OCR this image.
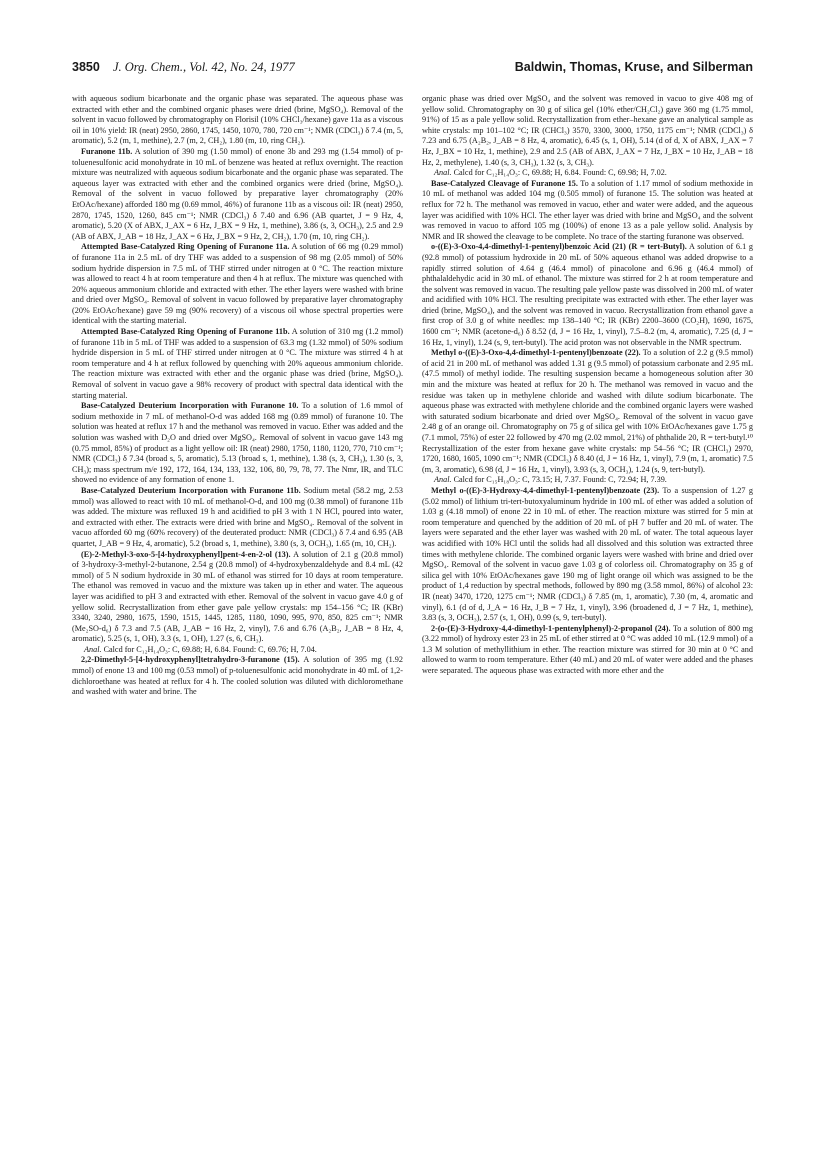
3850 J. Org. Chem., Vol. 42, No. 24, 1977	Baldwin, Thomas, Kruse, and Silberman

with aqueous sodium bicarbonate and the organic phase was separated. The aqueous phase was extracted with ether and the combined organic phases were dried (brine, MgSO₄). Removal of the solvent in vacuo followed by chromatography on Florisil (10% CHCl₃/hexane) gave 11a as a viscous oil in 10% yield: IR (neat) 2950, 2860, 1745, 1450, 1070, 780, 720 cm⁻¹; NMR (CDCl₃) δ 7.4 (m, 5, aromatic), 5.2 (m, 1, methine), 2.7 (m, 2, CH₂), 1.80 (m, 10, ring CH₂).

Furanone 11b. A solution of 390 mg (1.50 mmol) of enone 3b and 293 mg (1.54 mmol) of p-toluenesulfonic acid monohydrate in 10 mL of benzene was heated at reflux overnight. The reaction mixture was neutralized with aqueous sodium bicarbonate and the organic phase was separated. The aqueous layer was extracted with ether and the combined organics were dried (brine, MgSO₄). Removal of the solvent in vacuo followed by preparative layer chromatography (20% EtOAc/hexane) afforded 180 mg (0.69 mmol, 46%) of furanone 11b as a viscous oil: IR (neat) 2950, 2870, 1745, 1520, 1260, 845 cm⁻¹; NMR (CDCl₃) δ 7.40 and 6.96 (AB quartet, J = 9 Hz, 4, aromatic), 5.20 (X of ABX, J_AX = 6 Hz, J_BX = 9 Hz, 1, methine), 3.86 (s, 3, OCH₃), 2.5 and 2.9 (AB of ABX, J_AB = 18 Hz, J_AX = 6 Hz, J_BX = 9 Hz, 2, CH₂), 1.70 (m, 10, ring CH₂).

Attempted Base-Catalyzed Ring Opening of Furanone 11a. A solution of 66 mg (0.29 mmol) of furanone 11a in 2.5 mL of dry THF was added to a suspension of 98 mg (2.05 mmol) of 50% sodium hydride dispersion in 7.5 mL of THF stirred under nitrogen at 0 °C. The reaction mixture was allowed to react 4 h at room temperature and then 4 h at reflux. The mixture was quenched with 20% aqueous ammonium chloride and extracted with ether. The ether layers were washed with brine and dried over MgSO₄. Removal of solvent in vacuo followed by preparative layer chromatography (20% EtOAc/hexane) gave 59 mg (90% recovery) of a viscous oil whose spectral properties were identical with the starting material.

Attempted Base-Catalyzed Ring Opening of Furanone 11b. A solution of 310 mg (1.2 mmol) of furanone 11b in 5 mL of THF was added to a suspension of 63.3 mg (1.32 mmol) of 50% sodium hydride dispersion in 5 mL of THF stirred under nitrogen at 0 °C. The mixture was stirred 4 h at room temperature and 4 h at reflux followed by quenching with 20% aqueous ammonium chloride. The reaction mixture was extracted with ether and the organic phase was dried (brine, MgSO₄). Removal of solvent in vacuo gave a 98% recovery of product with spectral data identical with the starting material.

Base-Catalyzed Deuterium Incorporation with Furanone 10. To a solution of 1.6 mmol of sodium methoxide in 7 mL of methanol-O-d was added 168 mg (0.89 mmol) of furanone 10. The solution was heated at reflux 17 h and the methanol was removed in vacuo. Ether was added and the solution was washed with D₂O and dried over MgSO₄. Removal of solvent in vacuo gave 143 mg (0.75 mmol, 85%) of product as a light yellow oil: IR (neat) 2980, 1750, 1180, 1120, 770, 710 cm⁻¹; NMR (CDCl₃) δ 7.34 (broad s, 5, aromatic), 5.13 (broad s, 1, methine), 1.38 (s, 3, CH₃), 1.30 (s, 3, CH₃); mass spectrum m/e 192, 172, 164, 134, 133, 132, 106, 80, 79, 78, 77. The Nmr, IR, and TLC showed no evidence of any formation of enone 1.

Base-Catalyzed Deuterium Incorporation with Furanone 11b. Sodium metal (58.2 mg, 2.53 mmol) was allowed to react with 10 mL of methanol-O-d, and 100 mg (0.38 mmol) of furanone 11b was added. The mixture was refluxed 19 h and acidified to pH 3 with 1 N HCl, poured into water, and extracted with ether. The extracts were dried with brine and MgSO₄. Removal of the solvent in vacuo afforded 60 mg (60% recovery) of the deuterated product: NMR (CDCl₃) δ 7.4 and 6.95 (AB quartet, J_AB = 9 Hz, 4, aromatic), 5.2 (broad s, 1, methine), 3.80 (s, 3, OCH₃), 1.65 (m, 10, CH₂).

(E)-2-Methyl-3-oxo-5-[4-hydroxyphenyl]pent-4-en-2-ol (13). A solution of 2.1 g (20.8 mmol) of 3-hydroxy-3-methyl-2-butanone, 2.54 g (20.8 mmol) of 4-hydroxybenzaldehyde and 8.4 mL (42 mmol) of 5 N sodium hydroxide in 30 mL of ethanol was stirred for 10 days at room temperature. The ethanol was removed in vacuo and the mixture was taken up in ether and water. The aqueous layer was acidified to pH 3 and extracted with ether. Removal of the solvent in vacuo gave 4.0 g of yellow solid. Recrystallization from ether gave pale yellow crystals: mp 154–156 °C; IR (KBr) 3340, 3240, 2980, 1675, 1590, 1515, 1445, 1285, 1180, 1090, 995, 970, 850, 825 cm⁻¹; NMR (Me₂SO-d₆) δ 7.3 and 7.5 (AB, J_AB = 16 Hz, 2, vinyl), 7.6 and 6.76 (A₂B₂, J_AB = 8 Hz, 4, aromatic), 5.25 (s, 1, OH), 3.3 (s, 1, OH), 1.27 (s, 6, CH₃).

Anal. Calcd for C₁₂H₁₄O₃: C, 69.88; H, 6.84. Found: C, 69.76; H, 7.04.

2,2-Dimethyl-5-[4-hydroxyphenyl]tetrahydro-3-furanone (15). A solution of 395 mg (1.92 mmol) of enone 13 and 100 mg (0.53 mmol) of p-toluenesulfonic acid monohydrate in 40 mL of 1,2-dichloroethane was heated at reflux for 4 h. The cooled solution was diluted with dichloromethane and washed with water and brine. The

organic phase was dried over MgSO₄ and the solvent was removed in vacuo to give 408 mg of yellow solid. Chromatography on 30 g of silica gel (10% ether/CH₂Cl₂) gave 360 mg (1.75 mmol, 91%) of 15 as a pale yellow solid. Recrystallization from ether–hexane gave an analytical sample as white crystals: mp 101–102 °C; IR (CHCl₃) 3570, 3300, 3000, 1750, 1175 cm⁻¹; NMR (CDCl₃) δ 7.23 and 6.75 (A₂B₂, J_AB = 8 Hz, 4, aromatic), 6.45 (s, 1, OH), 5.14 (d of d, X of ABX, J_AX = 7 Hz, J_BX = 10 Hz, 1, methine), 2.9 and 2.5 (AB of ABX, J_AX = 7 Hz, J_BX = 10 Hz, J_AB = 18 Hz, 2, methylene), 1.40 (s, 3, CH₃), 1.32 (s, 3, CH₃).

Anal. Calcd for C₁₂H₁₄O₃: C, 69.88; H, 6.84. Found: C, 69.98; H, 7.02.

Base-Catalyzed Cleavage of Furanone 15. To a solution of 1.17 mmol of sodium methoxide in 10 mL of methanol was added 104 mg (0.505 mmol) of furanone 15. The solution was heated at reflux for 72 h. The methanol was removed in vacuo, ether and water were added, and the aqueous layer was acidified with 10% HCl. The ether layer was dried with brine and MgSO₄ and the solvent was removed in vacuo to afford 105 mg (100%) of enone 13 as a pale yellow solid. Analysis by NMR and IR showed the cleavage to be complete. No trace of the starting furanone was observed.

o-((E)-3-Oxo-4,4-dimethyl-1-pentenyl)benzoic Acid (21) (R = tert-Butyl). A solution of 6.1 g (92.8 mmol) of potassium hydroxide in 20 mL of 50% aqueous ethanol was added dropwise to a rapidly stirred solution of 4.64 g (46.4 mmol) of pinacolone and 6.96 g (46.4 mmol) of phthalaldehydic acid in 30 mL of ethanol. The mixture was stirred for 2 h at room temperature and the solvent was removed in vacuo. The resulting pale yellow paste was dissolved in 200 mL of water and acidified with 10% HCl. The resulting precipitate was extracted with ether. The ether layer was dried (brine, MgSO₄), and the solvent was removed in vacuo. Recrystallization from ethanol gave a first crop of 3.0 g of white needles: mp 138–140 °C; IR (KBr) 2200–3600 (CO₂H), 1690, 1675, 1600 cm⁻¹; NMR (acetone-d₆) δ 8.52 (d, J = 16 Hz, 1, vinyl), 7.5–8.2 (m, 4, aromatic), 7.25 (d, J = 16 Hz, 1, vinyl), 1.24 (s, 9, tert-butyl). The acid proton was not observable in the NMR spectrum.

Methyl o-((E)-3-Oxo-4,4-dimethyl-1-pentenyl)benzoate (22). To a solution of 2.2 g (9.5 mmol) of acid 21 in 200 mL of methanol was added 1.31 g (9.5 mmol) of potassium carbonate and 2.95 mL (47.5 mmol) of methyl iodide. The resulting suspension became a homogeneous solution after 30 min and the mixture was heated at reflux for 20 h. The methanol was removed in vacuo and the residue was taken up in methylene chloride and washed with dilute sodium bicarbonate. The aqueous phase was extracted with methylene chloride and the combined organic layers were washed with saturated sodium bicarbonate and dried over MgSO₄. Removal of the solvent in vacuo gave 2.48 g of an orange oil. Chromatography on 75 g of silica gel with 10% EtOAc/hexanes gave 1.75 g (7.1 mmol, 75%) of ester 22 followed by 470 mg (2.02 mmol, 21%) of phthalide 20, R = tert-butyl.¹⁰ Recrystallization of the ester from hexane gave white crystals: mp 54–56 °C; IR (CHCl₃) 2970, 1720, 1680, 1605, 1090 cm⁻¹; NMR (CDCl₃) δ 8.40 (d, J = 16 Hz, 1, vinyl), 7.9 (m, 1, aromatic) 7.5 (m, 3, aromatic), 6.98 (d, J = 16 Hz, 1, vinyl), 3.93 (s, 3, OCH₃), 1.24 (s, 9, tert-butyl).

Anal. Calcd for C₁₅H₁₈O₃: C, 73.15; H, 7.37. Found: C, 72.94; H, 7.39.

Methyl o-((E)-3-Hydroxy-4,4-dimethyl-1-pentenyl)benzoate (23). To a suspension of 1.27 g (5.02 mmol) of lithium tri-tert-butoxyaluminum hydride in 100 mL of ether was added a solution of 1.03 g (4.18 mmol) of enone 22 in 10 mL of ether. The reaction mixture was stirred for 5 min at room temperature and quenched by the addition of 20 mL of pH 7 buffer and 20 mL of water. The layers were separated and the ether layer was washed with 20 mL of water. The total aqueous layer was acidified with 10% HCl until the solids had all dissolved and this solution was extracted three times with methylene chloride. The combined organic layers were washed with brine and dried over MgSO₄. Removal of the solvent in vacuo gave 1.03 g of colorless oil. Chromatography on 35 g of silica gel with 10% EtOAc/hexanes gave 190 mg of light orange oil which was assigned to be the product of 1,4 reduction by spectral methods, followed by 890 mg (3.58 mmol, 86%) of alcohol 23: IR (neat) 3470, 1720, 1275 cm⁻¹; NMR (CDCl₃) δ 7.85 (m, 1, aromatic), 7.30 (m, 4, aromatic and vinyl), 6.1 (d of d, J_A = 16 Hz, J_B = 7 Hz, 1, vinyl), 3.96 (broadened d, J = 7 Hz, 1, methine), 3.83 (s, 3, OCH₃), 2.57 (s, 1, OH), 0.99 (s, 9, tert-butyl).

2-(o-(E)-3-Hydroxy-4,4-dimethyl-1-pentenylphenyl)-2-propanol (24). To a solution of 800 mg (3.22 mmol) of hydroxy ester 23 in 25 mL of ether stirred at 0 °C was added 10 mL (12.9 mmol) of a 1.3 M solution of methyllithium in ether. The reaction mixture was stirred for 30 min at 0 °C and allowed to warm to room temperature. Ether (40 mL) and 20 mL of water were added and the phases were separated. The aqueous phase was extracted with more ether and the
